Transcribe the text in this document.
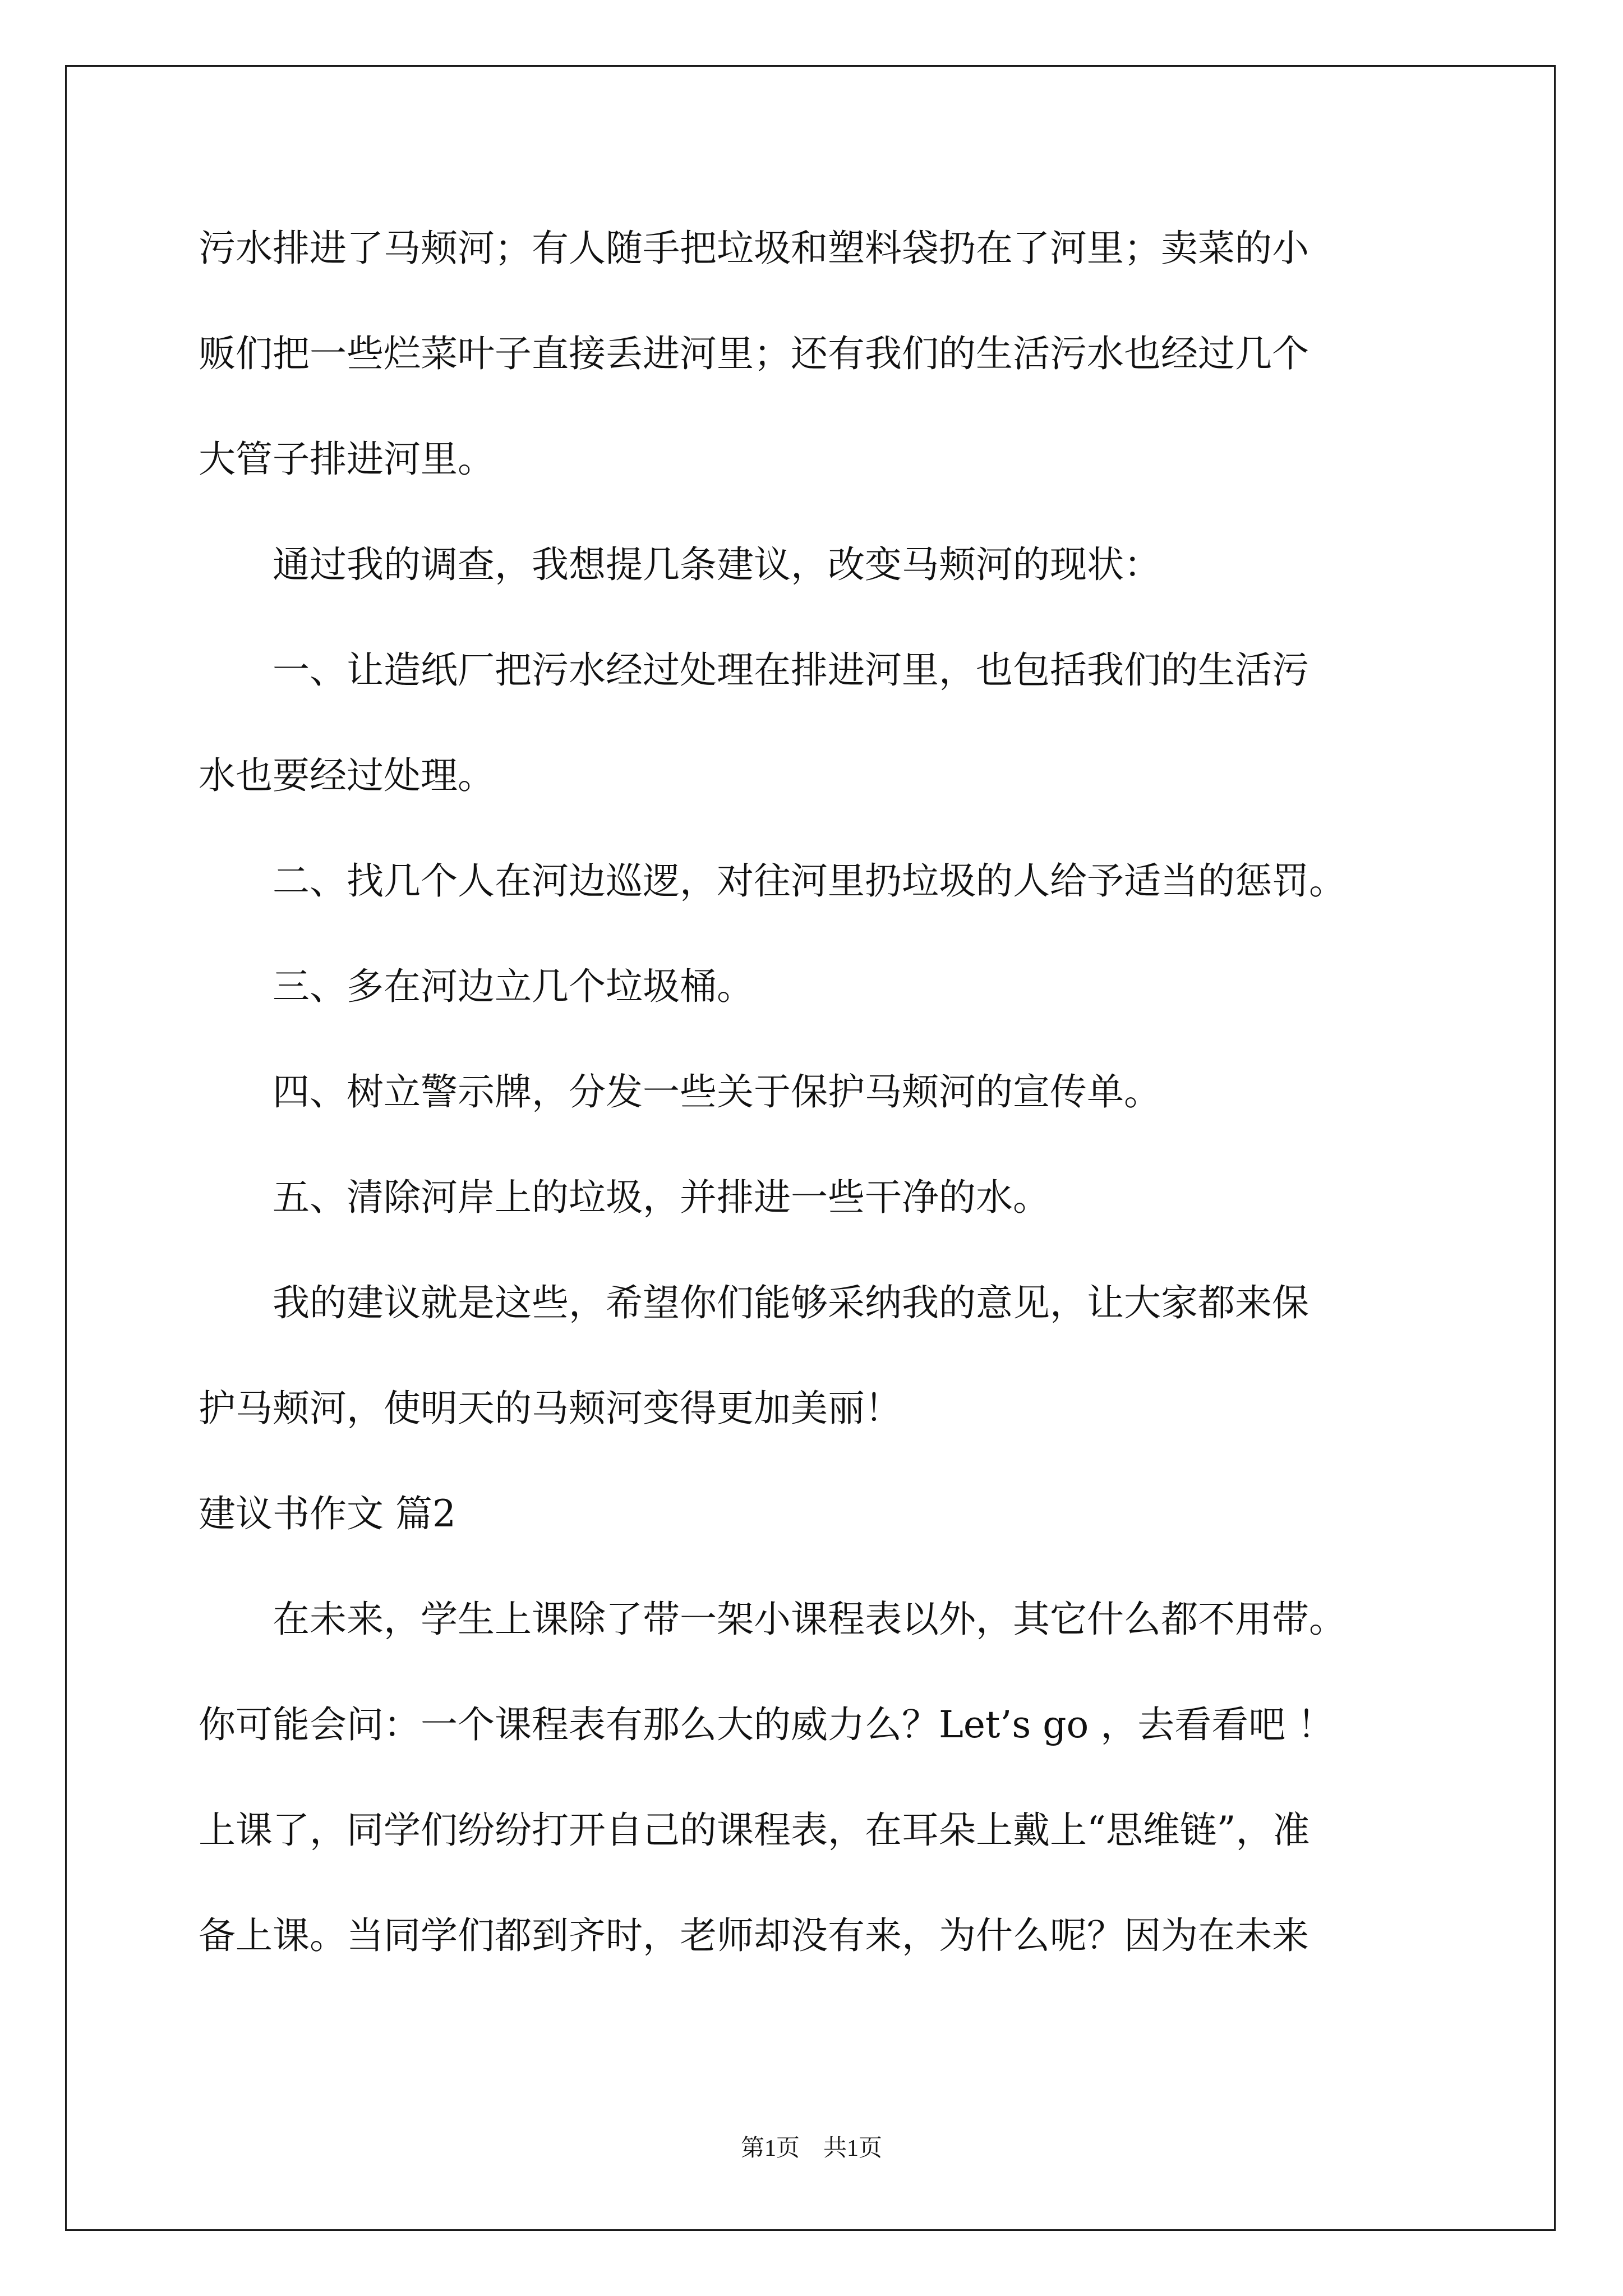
污水排进了马颊河；有人随手把垃圾和塑料袋扔在了河里；卖菜的小

贩们把一些烂菜叶子直接丢进河里；还有我们的生活污水也经过几个

大管子排进河里。

　　通过我的调查，我想提几条建议，改变马颊河的现状：

　　一、让造纸厂把污水经过处理在排进河里，也包括我们的生活污

水也要经过处理。

　　二、找几个人在河边巡逻，对往河里扔垃圾的人给予适当的惩罚。

　　三、多在河边立几个垃圾桶。

　　四、树立警示牌，分发一些关于保护马颊河的宣传单。

　　五、清除河岸上的垃圾，并排进一些干净的水。

　　我的建议就是这些，希望你们能够采纳我的意见，让大家都来保

护马颊河，使明天的马颊河变得更加美丽！

建议书作文 篇2

　　在未来，学生上课除了带一架小课程表以外，其它什么都不用带。

你可能会问：一个课程表有那么大的威力么？Let’s go ，去看看吧 ！

上课了，同学们纷纷打开自己的课程表，在耳朵上戴上“思维链”，准

备上课。当同学们都到齐时，老师却没有来，为什么呢？因为在未来

第1页　共1页
